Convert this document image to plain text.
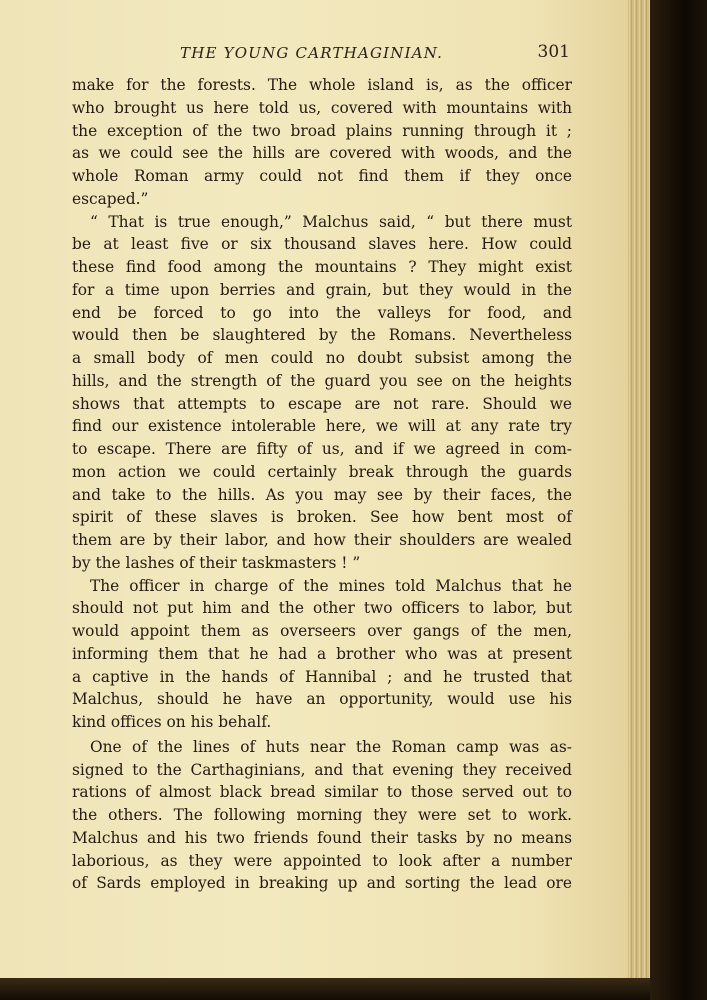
THE YOUNG CARTHAGINIAN.	301
make for the forests. The whole island is, as the officer
who brought us here told us, covered with mountains with
the exception of the two broad plains running through it ;
as we could see the hills are covered with woods, and the
whole Roman army could not find them if they once
escaped.”
“ That is true enough,” Malchus said, “ but there must
be at least five or six thousand slaves here. How could
these find food among the mountains ? They might exist
for a time upon berries and grain, but they would in the
end be forced to go into the valleys for food, and
would then be slaughtered by the Romans. Nevertheless
a small body of men could no doubt subsist among the
hills, and the strength of the guard you see on the heights
shows that attempts to escape are not rare. Should we
find our existence intolerable here, we will at any rate try
to escape. There are fifty of us, and if we agreed in com-
mon action we could certainly break through the guards
and take to the hills. As you may see by their faces, the
spirit of these slaves is broken. See how bent most of
them are by their labor, and how their shoulders are wealed
by the lashes of their taskmasters ! ”
The officer in charge of the mines told Malchus that he
should not put him and the other two officers to labor, but
would appoint them as overseers over gangs of the men,
informing them that he had a brother who was at present
a captive in the hands of Hannibal ; and he trusted that
Malchus, should he have an opportunity, would use his
kind offices on his behalf.
One of the lines of huts near the Roman camp was as-
signed to the Carthaginians, and that evening they received
rations of almost black bread similar to those served out to
the others. The following morning they were set to work.
Malchus and his two friends found their tasks by no means
laborious, as they were appointed to look after a number
of Sards employed in breaking up and sorting the lead ore
